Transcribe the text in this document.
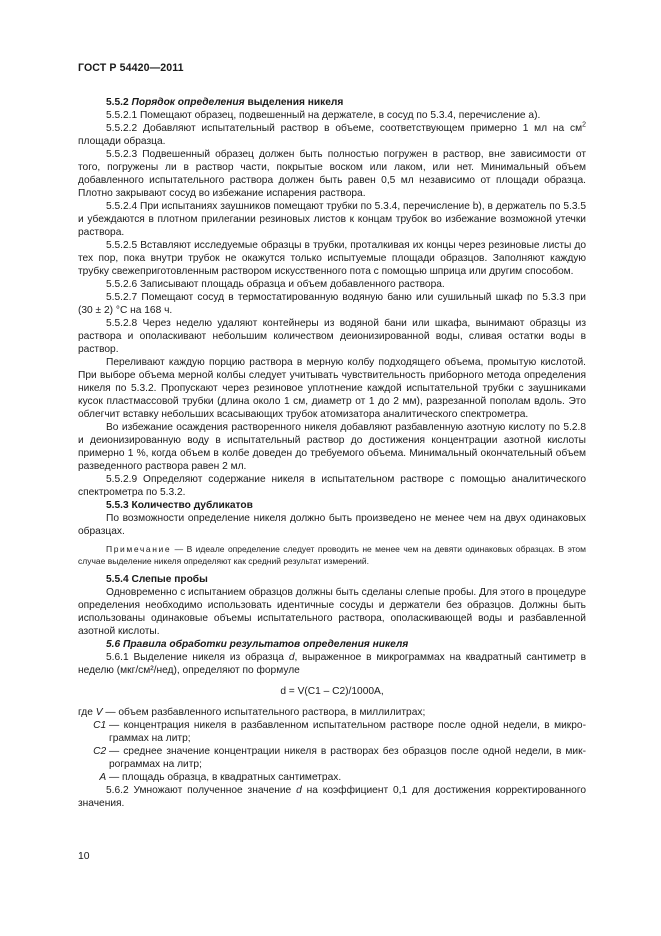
ГОСТ Р 54420—2011

5.5.2 Порядок определения выделения никеля

5.5.2.1 Помещают образец, подвешенный на держателе, в сосуд по 5.3.4, перечисление а).

5.5.2.2 Добавляют испытательный раствор в объеме, соответствующем примерно 1 мл на $см^2$ площади образца.

5.5.2.3 Подвешенный образец должен быть полностью погружен в раствор, вне зависимости от того, погружены ли в раствор части, покрытые воском или лаком, или нет. Минимальный объем добавленного испытательного раствора должен быть равен 0,5 мл независимо от площади образца. Плотно закрывают сосуд во избежание испарения раствора.

5.5.2.4 При испытаниях заушников помещают трубки по 5.3.4, перечисление b), в держатель по 5.3.5 и убеждаются в плотном прилегании резиновых листов к концам трубок во избежание возможной утечки раствора.

5.5.2.5 Вставляют исследуемые образцы в трубки, проталкивая их концы через резиновые листы до тех пор, пока внутри трубок не окажутся только испытуемые площади образцов. Заполняют каждую трубку свежеприготовленным раствором искусственного пота с помощью шприца или другим способом.

5.5.2.6 Записывают площадь образца и объем добавленного раствора.

5.5.2.7 Помещают сосуд в термостатированную водяную баню или сушильный шкаф по 5.3.3 при (30 ± 2) °С на 168 ч.

5.5.2.8 Через неделю удаляют контейнеры из водяной бани или шкафа, вынимают образцы из раствора и ополаскивают небольшим количеством деионизированной воды, сливая остатки воды в раствор.

Переливают каждую порцию раствора в мерную колбу подходящего объема, промытую кислотой. При выборе объема мерной колбы следует учитывать чувствительность приборного метода определения никеля по 5.3.2. Пропускают через резиновое уплотнение каждой испытательной трубки с заушниками кусок пластмассовой трубки (длина около 1 см, диаметр от 1 до 2 мм), разрезанной пополам вдоль. Это облегчит вставку небольших всасывающих трубок атомизатора аналитического спектрометра.

Во избежание осаждения растворенного никеля добавляют разбавленную азотную кислоту по 5.2.8 и деионизированную воду в испытательный раствор до достижения концентрации азотной кислоты примерно 1 %, когда объем в колбе доведен до требуемого объема. Минимальный окончательный объем разведенного раствора равен 2 мл.

5.5.2.9 Определяют содержание никеля в испытательном растворе с помощью аналитического спектрометра по 5.3.2.

5.5.3 Количество дубликатов

По возможности определение никеля должно быть произведено не менее чем на двух одинаковых образцах.

Примечание — В идеале определение следует проводить не менее чем на девяти одинаковых образцах. В этом случае выделение никеля определяют как средний результат измерений.

5.5.4 Слепые пробы

Одновременно с испытанием образцов должны быть сделаны слепые пробы. Для этого в процедуре определения необходимо использовать идентичные сосуды и держатели без образцов. Должны быть использованы одинаковые объемы испытательного раствора, ополаскивающей воды и разбавленной азотной кислоты.

5.6 Правила обработки результатов определения никеля

5.6.1 Выделение никеля из образца d, выраженное в микрограммах на квадратный сантиметр в неделю (мкг/см²/нед), определяют по формуле

d = V(C1 – C2)/1000A,
где V — объем разбавленного испытательного раствора, в миллилитрах;
C1 — концентрация никеля в разбавленном испытательном растворе после одной недели, в микрограммах на литр;
C2 — среднее значение концентрации никеля в растворах без образцов после одной недели, в микрограммах на литр;
A — площадь образца, в квадратных сантиметрах.

5.6.2 Умножают полученное значение d на коэффициент 0,1 для достижения корректированного значения.

10
